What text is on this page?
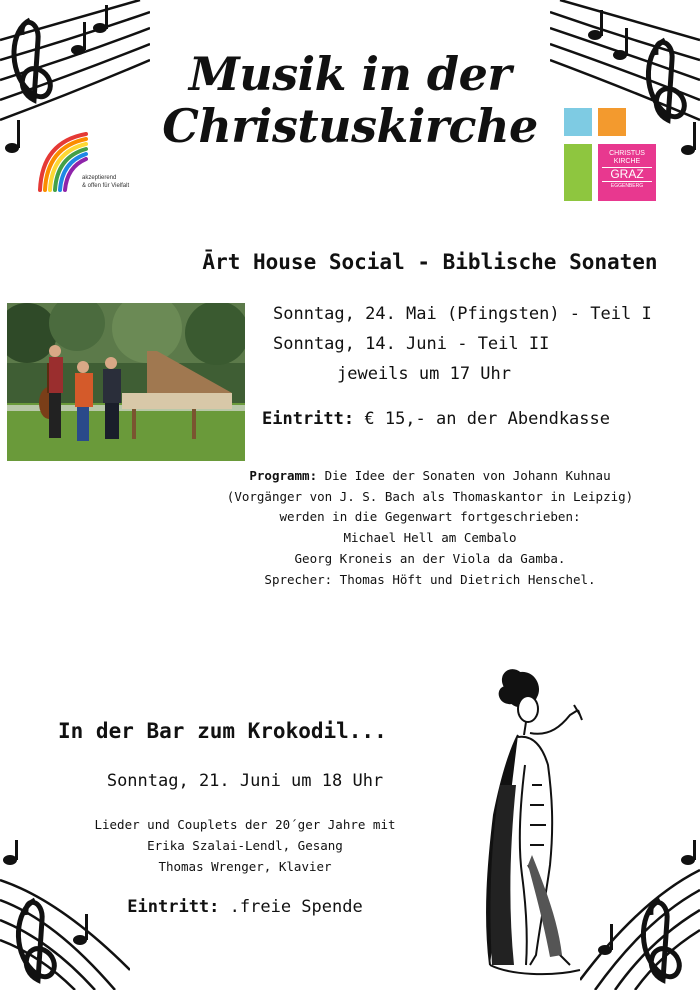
Musik in der
Christuskirche
akzeptierend
& offen für Vielfalt
CHRISTUS
KIRCHE
GRAZ
EGGENBERG
Ārt House Social - Biblische Sonaten
Sonntag, 24. Mai (Pfingsten) - Teil I
Sonntag, 14. Juni - Teil II
jeweils um 17 Uhr
Eintritt: € 15,- an der Abendkasse
Programm: Die Idee der Sonaten von Johann Kuhnau
(Vorgänger von J. S. Bach als Thomaskantor in Leipzig)
werden in die Gegenwart fortgeschrieben:
Michael Hell am Cembalo
Georg Kroneis an der Viola da Gamba.
Sprecher: Thomas Höft und Dietrich Henschel.
In der Bar zum Krokodil...
Sonntag, 21. Juni um 18 Uhr
Lieder und Couplets der 20´ger Jahre mit
Erika Szalai-Lendl, Gesang
Thomas Wrenger, Klavier
Eintritt: .freie Spende
